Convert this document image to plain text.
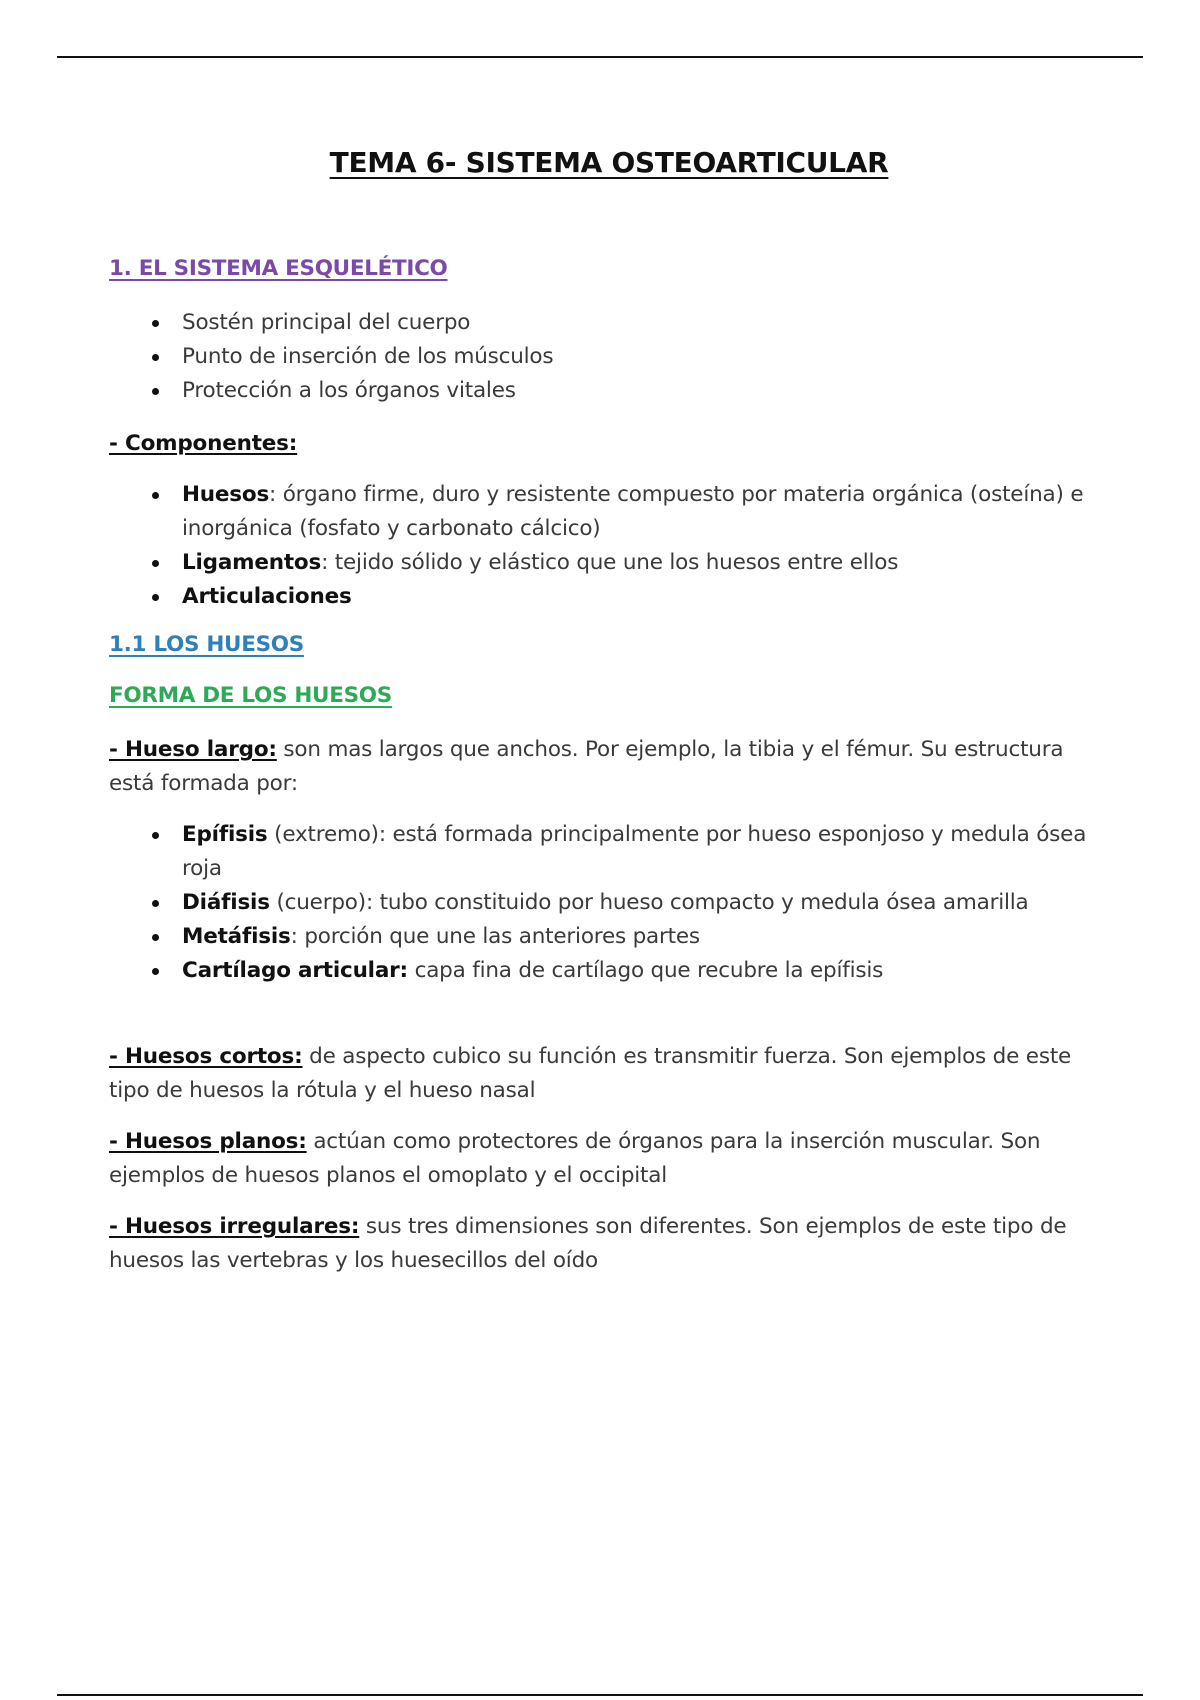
TEMA 6- SISTEMA OSTEOARTICULAR
1. EL SISTEMA ESQUELÉTICO
Sostén principal del cuerpo
Punto de inserción de los músculos
Protección a los órganos vitales
- Componentes:
Huesos: órgano firme, duro y resistente compuesto por materia orgánica (osteína) e inorgánica (fosfato y carbonato cálcico)
Ligamentos: tejido sólido y elástico que une los huesos entre ellos
Articulaciones
1.1 LOS HUESOS
FORMA DE LOS HUESOS
- Hueso largo: son mas largos que anchos. Por ejemplo, la tibia y el fémur. Su estructura está formada por:
Epífisis (extremo): está formada principalmente por hueso esponjoso y medula ósea roja
Diáfisis (cuerpo): tubo constituido por hueso compacto y medula ósea amarilla
Metáfisis: porción que une las anteriores partes
Cartílago articular: capa fina de cartílago que recubre la epífisis
- Huesos cortos: de aspecto cubico su función es transmitir fuerza. Son ejemplos de este tipo de huesos la rótula y el hueso nasal
- Huesos planos: actúan como protectores de órganos para la inserción muscular. Son ejemplos de huesos planos el omoplato y el occipital
- Huesos irregulares: sus tres dimensiones son diferentes. Son ejemplos de este tipo de huesos las vertebras y los huesecillos del oído
